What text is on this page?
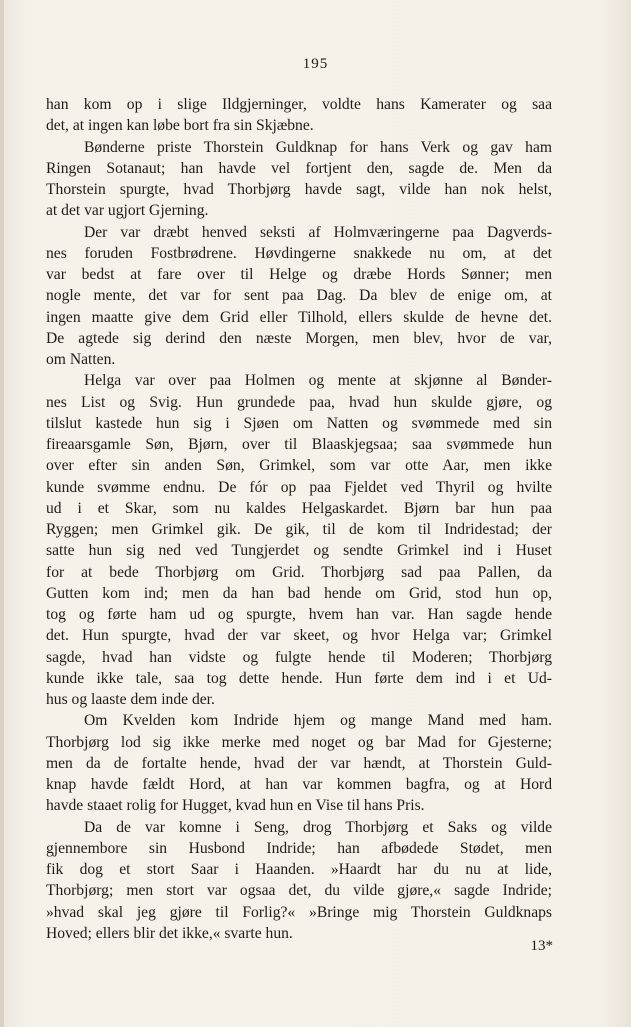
195
han kom op i slige Ildgjerninger, voldte hans Kamerater og saa
det, at ingen kan løbe bort fra sin Skjæbne.
Bønderne priste Thorstein Guldknap for hans Verk og gav ham
Ringen Sotanaut; han havde vel fortjent den, sagde de. Men da
Thorstein spurgte, hvad Thorbjørg havde sagt, vilde han nok helst,
at det var ugjort Gjerning.
Der var dræbt henved seksti af Holmværingerne paa Dagverds-
nes foruden Fostbrødrene. Høvdingerne snakkede nu om, at det
var bedst at fare over til Helge og dræbe Hords Sønner; men
nogle mente, det var for sent paa Dag. Da blev de enige om, at
ingen maatte give dem Grid eller Tilhold, ellers skulde de hevne det.
De agtede sig derind den næste Morgen, men blev, hvor de var,
om Natten.
Helga var over paa Holmen og mente at skjønne al Bønder-
nes List og Svig. Hun grundede paa, hvad hun skulde gjøre, og
tilslut kastede hun sig i Sjøen om Natten og svømmede med sin
fireaarsgamle Søn, Bjørn, over til Blaaskjegsaa; saa svømmede hun
over efter sin anden Søn, Grimkel, som var otte Aar, men ikke
kunde svømme endnu. De fór op paa Fjeldet ved Thyril og hvilte
ud i et Skar, som nu kaldes Helgaskardet. Bjørn bar hun paa
Ryggen; men Grimkel gik. De gik, til de kom til Indridestad; der
satte hun sig ned ved Tungjerdet og sendte Grimkel ind i Huset
for at bede Thorbjørg om Grid. Thorbjørg sad paa Pallen, da
Gutten kom ind; men da han bad hende om Grid, stod hun op,
tog og førte ham ud og spurgte, hvem han var. Han sagde hende
det. Hun spurgte, hvad der var skeet, og hvor Helga var; Grimkel
sagde, hvad han vidste og fulgte hende til Moderen; Thorbjørg
kunde ikke tale, saa tog dette hende. Hun førte dem ind i et Ud-
hus og laaste dem inde der.
Om Kvelden kom Indride hjem og mange Mand med ham.
Thorbjørg lod sig ikke merke med noget og bar Mad for Gjesterne;
men da de fortalte hende, hvad der var hændt, at Thorstein Guld-
knap havde fældt Hord, at han var kommen bagfra, og at Hord
havde staaet rolig for Hugget, kvad hun en Vise til hans Pris.
Da de var komne i Seng, drog Thorbjørg et Saks og vilde
gjennembore sin Husbond Indride; han afbødede Stødet, men
fik dog et stort Saar i Haanden. »Haardt har du nu at lide,
Thorbjørg; men stort var ogsaa det, du vilde gjøre,« sagde Indride;
»hvad skal jeg gjøre til Forlig?« »Bringe mig Thorstein Guldknaps
Hoved; ellers blir det ikke,« svarte hun.
13*
